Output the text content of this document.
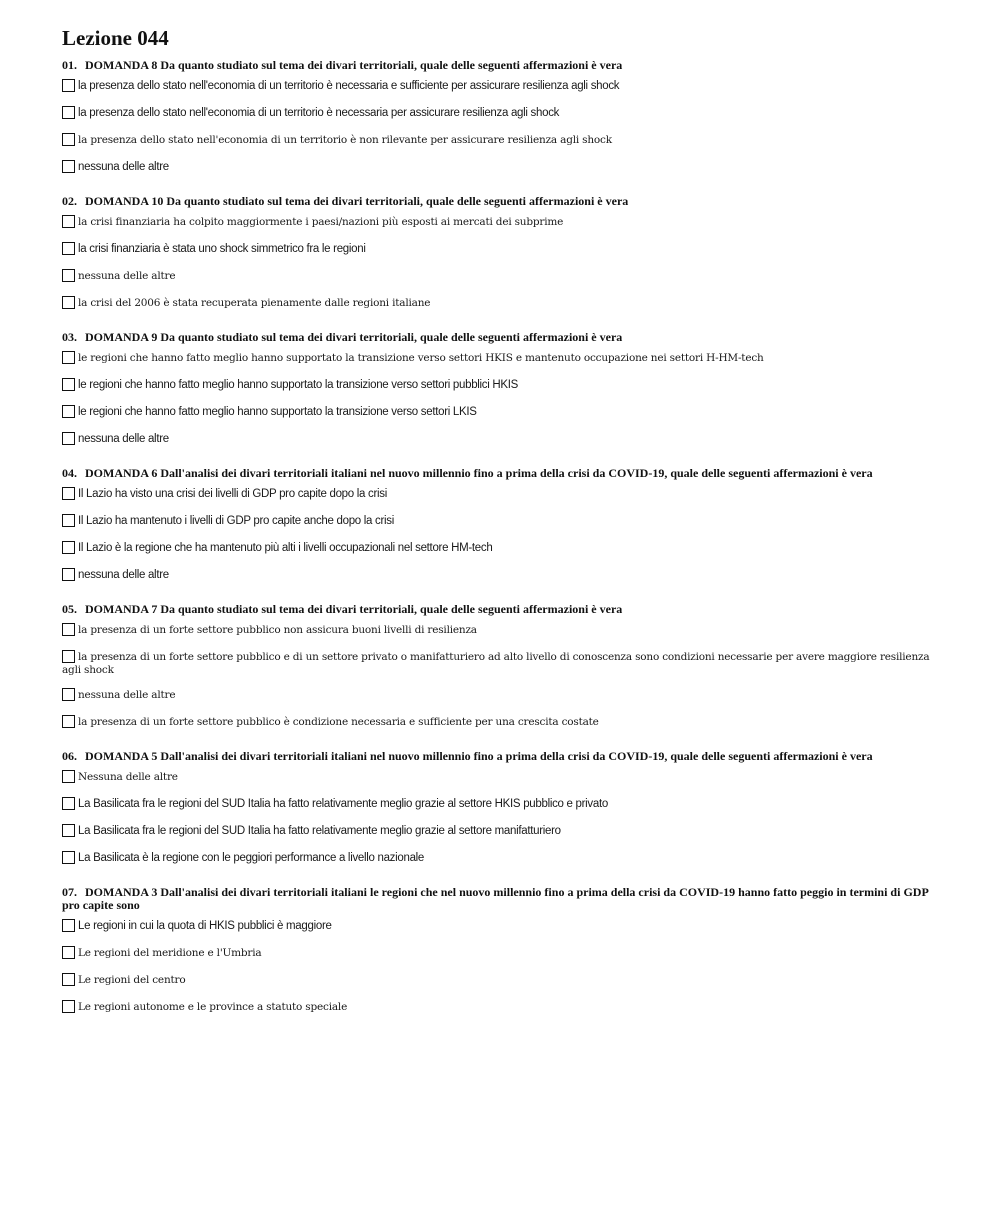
Lezione 044
01. DOMANDA 8 Da quanto studiato sul tema dei divari territoriali, quale delle seguenti affermazioni è vera
la presenza dello stato nell'economia di un territorio è necessaria e sufficiente per assicurare resilienza agli shock
la presenza dello stato nell'economia di un territorio è necessaria per assicurare resilienza agli shock
la presenza dello stato nell'economia di un territorio è non rilevante per assicurare resilienza agli shock
nessuna delle altre
02. DOMANDA 10 Da quanto studiato sul tema dei divari territoriali, quale delle seguenti affermazioni è vera
la crisi finanziaria ha colpito maggiormente i paesi/nazioni più esposti ai mercati dei subprime
la crisi finanziaria è stata uno shock simmetrico fra le regioni
nessuna delle altre
la crisi del 2006 è stata recuperata pienamente dalle regioni italiane
03. DOMANDA 9 Da quanto studiato sul tema dei divari territoriali, quale delle seguenti affermazioni è vera
le regioni che hanno fatto meglio hanno supportato la transizione verso settori HKIS e mantenuto occupazione nei settori H-HM-tech
le regioni che hanno fatto meglio hanno supportato la transizione verso settori pubblici HKIS
le regioni che hanno fatto meglio hanno supportato la transizione verso settori LKIS
nessuna delle altre
04. DOMANDA 6 Dall'analisi dei divari territoriali italiani nel nuovo millennio fino a prima della crisi da COVID-19, quale delle seguenti affermazioni è vera
Il Lazio ha visto una crisi dei livelli di GDP pro capite dopo la crisi
Il Lazio ha mantenuto i livelli di GDP pro capite anche dopo la crisi
Il Lazio è la regione che ha mantenuto più alti i livelli occupazionali nel settore HM-tech
nessuna delle altre
05. DOMANDA 7 Da quanto studiato sul tema dei divari territoriali, quale delle seguenti affermazioni è vera
la presenza di un forte settore pubblico non assicura buoni livelli di resilienza
la presenza di un forte settore pubblico e di un settore privato o manifatturiero ad alto livello di conoscenza sono condizioni necessarie per avere maggiore resilienza agli shock
nessuna delle altre
la presenza di un forte settore pubblico è condizione necessaria e sufficiente per una crescita costate
06. DOMANDA 5 Dall'analisi dei divari territoriali italiani nel nuovo millennio fino a prima della crisi da COVID-19, quale delle seguenti affermazioni è vera
Nessuna delle altre
La Basilicata fra le regioni del SUD Italia ha fatto relativamente meglio grazie al settore HKIS pubblico e privato
La Basilicata fra le regioni del SUD Italia ha fatto relativamente meglio grazie al settore manifatturiero
La Basilicata è la regione con le peggiori performance a livello nazionale
07. DOMANDA 3 Dall'analisi dei divari territoriali italiani le regioni che nel nuovo millennio fino a prima della crisi da COVID-19 hanno fatto peggio in termini di GDP pro capite sono
Le regioni in cui la quota di HKIS pubblici è maggiore
Le regioni del meridione e l'Umbria
Le regioni del centro
Le regioni autonome e le province a statuto speciale
